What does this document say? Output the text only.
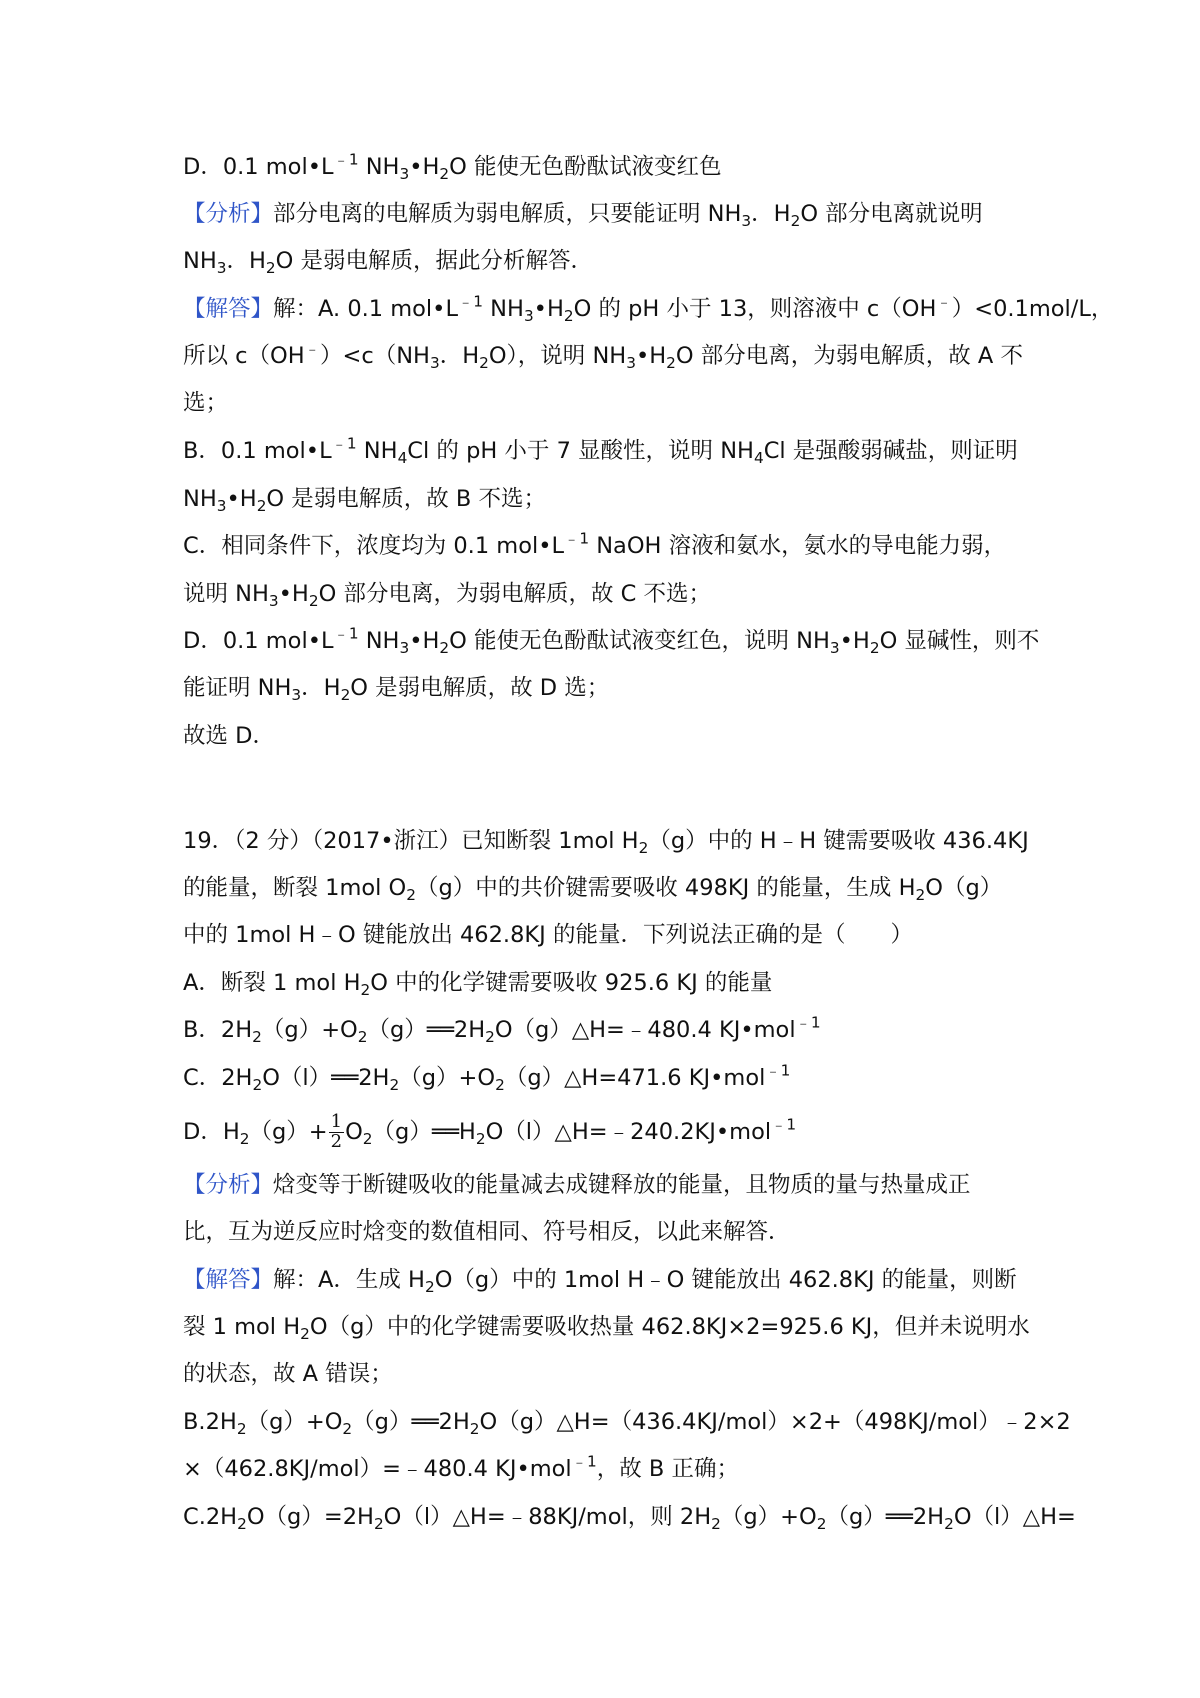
D．0.1 $mol•L^{﹣1}$ $NH_3•H_2O$ 能使无色酚酞试液变红色
【分析】部分电离的电解质为弱电解质，只要能证明 $NH_3$．$H_2O$ 部分电离就说明
$NH_3$．$H_2O$ 是弱电解质，据此分析解答．
【解答】解：A. 0.1 $mol•L^{﹣1}$ $NH_3•H_2O$ 的 pH 小于 13，则溶液中 c（OH﹣）<0.1mol/L，
所以 $c(OH^﹣)<c(NH_3$．$H_2O$），说明 $NH_3•H_2O$ 部分电离，为弱电解质，故 A 不
选；
B．0.1 $mol•L^{﹣1}$ $NH_4Cl$ 的 pH 小于 7 显酸性，说明 $NH_4Cl$ 是强酸弱碱盐，则证明
$NH_3•H_2O$ 是弱电解质，故 B 不选；
C．相同条件下，浓度均为 0.1 $mol•L^{﹣1}$ NaOH 溶液和氨水，氨水的导电能力弱，
说明 $NH_3•H_2O$ 部分电离，为弱电解质，故 C 不选；
D．0.1 $mol•L^{﹣1}$ $NH_3•H_2O$ 能使无色酚酞试液变红色，说明 $NH_3•H_2O$ 显碱性，则不
能证明 $NH_3$．$H_2O$ 是弱电解质，故 D 选；
故选 D．
19．（2 分）（2017•浙江）已知断裂 1mol $H_2(g)$中的 H﹣H 键需要吸收 436.4KJ
的能量，断裂 1mol $O_2(g)$中的共价键需要吸收 498KJ 的能量，生成 $H_2O(g)$
中的 1mol H﹣O 键能放出 462.8KJ 的能量．下列说法正确的是（　　）
A．断裂 1 mol $H_2O$ 中的化学键需要吸收 925.6 KJ 的能量
B．$2H_2(g)+O_2(g)══2H_2O(g)\triangle H=﹣480.4$ KJ•mol$^{﹣1}$
C．$2H_2O(l)══2H_2(g)+O_2(g)\triangle H=471.6$ KJ•mol$^{﹣1}$
D．$H_2(g)+ \frac{1}{2}$ $O_2(g)══H_2O(l)\triangle H=﹣240.2KJ•mol^{﹣1}$
【分析】焓变等于断键吸收的能量减去成键释放的能量，且物质的量与热量成正
比，互为逆反应时焓变的数值相同、符号相反，以此来解答．
【解答】解：A．生成 $H_2O(g)$中的 1mol H﹣O 键能放出 462.8KJ 的能量，则断
裂 1 mol $H_2O(g)$中的化学键需要吸收热量 462.8KJ×2=925.6 KJ，但并未说明水
的状态，故 A 错误；
$B.2H_2(g)+O_2(g)══2H_2O(g)\triangle H=(436.4KJ/mol)\times 2+(498KJ/mol)﹣2\times 2$
×（462.8KJ/mol）=﹣480.4 KJ•mol$^{﹣1}$，故 B 正确；
$C.2H_2O(g)=2H_2O(l)\triangle H=﹣88KJ$/mol，则 $2H_2(g)+O_2(g)══2H_2O(l)\triangle H=$
